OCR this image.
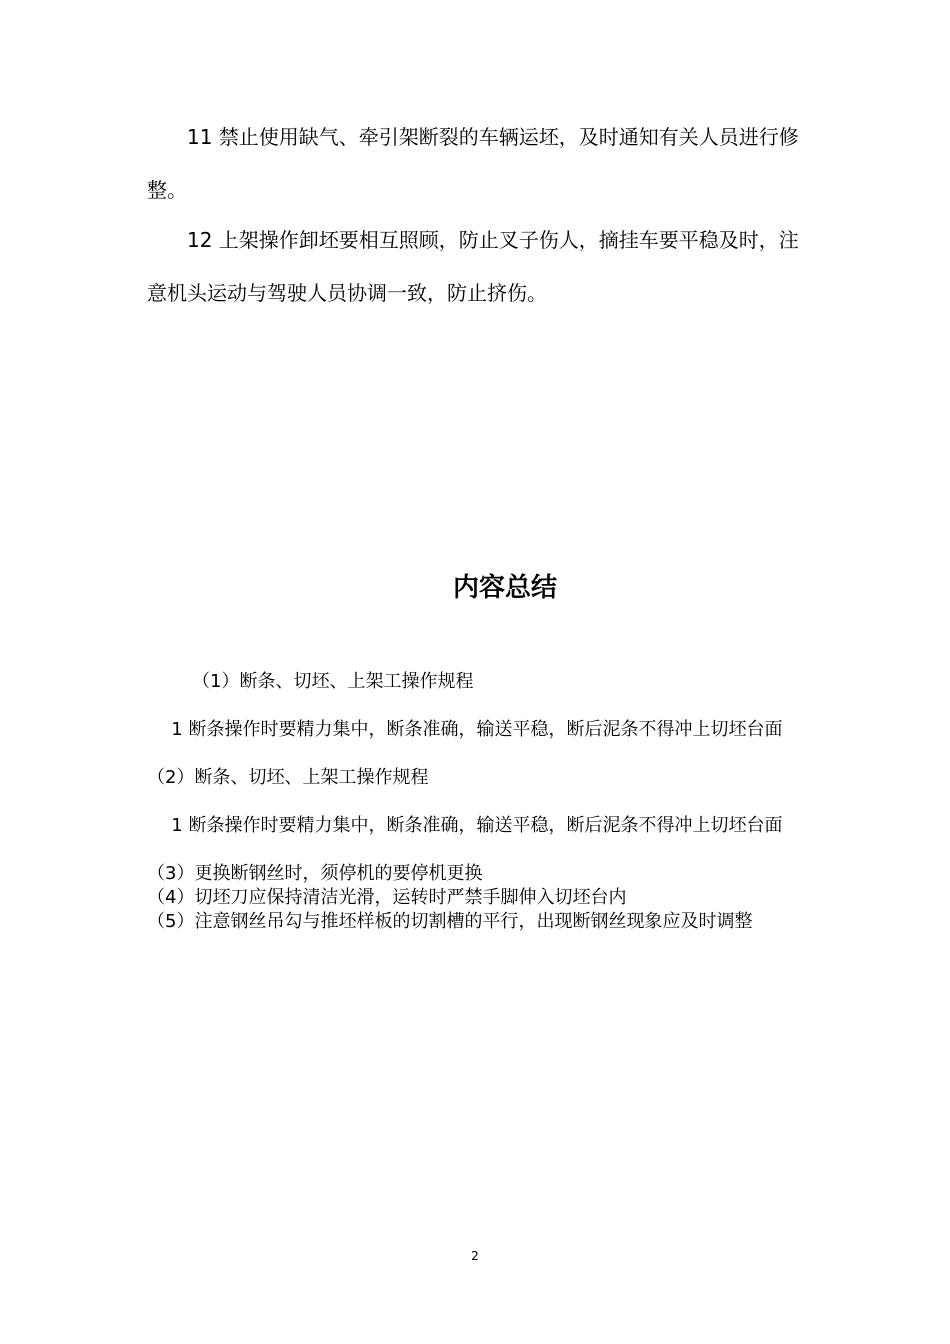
11 禁止使用缺气、牵引架断裂的车辆运坯，及时通知有关人员进行修整。

12 上架操作卸坯要相互照顾，防止叉子伤人，摘挂车要平稳及时，注意机头运动与驾驶人员协调一致，防止挤伤。

内容总结

（1）断条、切坯、上架工操作规程

1 断条操作时要精力集中，断条准确，输送平稳，断后泥条不得冲上切坯台面

（2）断条、切坯、上架工操作规程

1 断条操作时要精力集中，断条准确，输送平稳，断后泥条不得冲上切坯台面

（3）更换断钢丝时，须停机的要停机更换

（4）切坯刀应保持清洁光滑，运转时严禁手脚伸入切坯台内

（5）注意钢丝吊勾与推坯样板的切割槽的平行，出现断钢丝现象应及时调整

2
